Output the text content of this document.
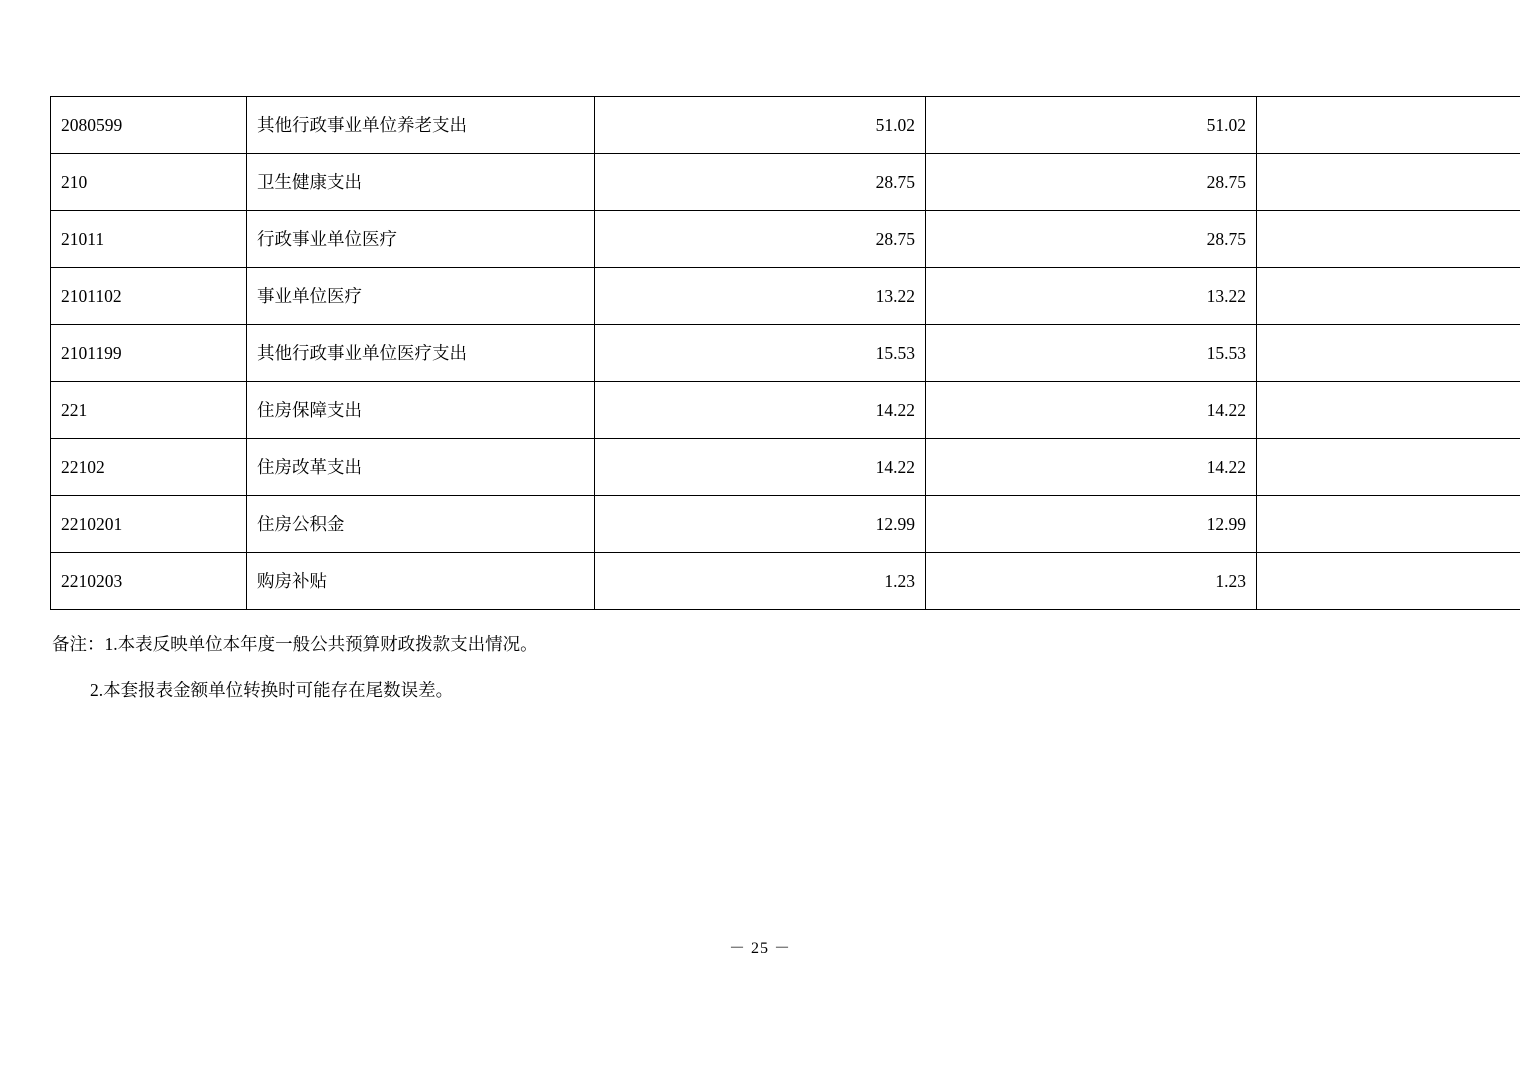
2080599	其他行政事业单位养老支出	51.02	51.02	
210	卫生健康支出	28.75	28.75	
21011	行政事业单位医疗	28.75	28.75	
2101102	事业单位医疗	13.22	13.22	
2101199	其他行政事业单位医疗支出	15.53	15.53	
221	住房保障支出	14.22	14.22	
22102	住房改革支出	14.22	14.22	
2210201	住房公积金	12.99	12.99	
2210203	购房补贴	1.23	1.23	
备注：1.本表反映单位本年度一般公共预算财政拨款支出情况。
2.本套报表金额单位转换时可能存在尾数误差。
－ 25 －
